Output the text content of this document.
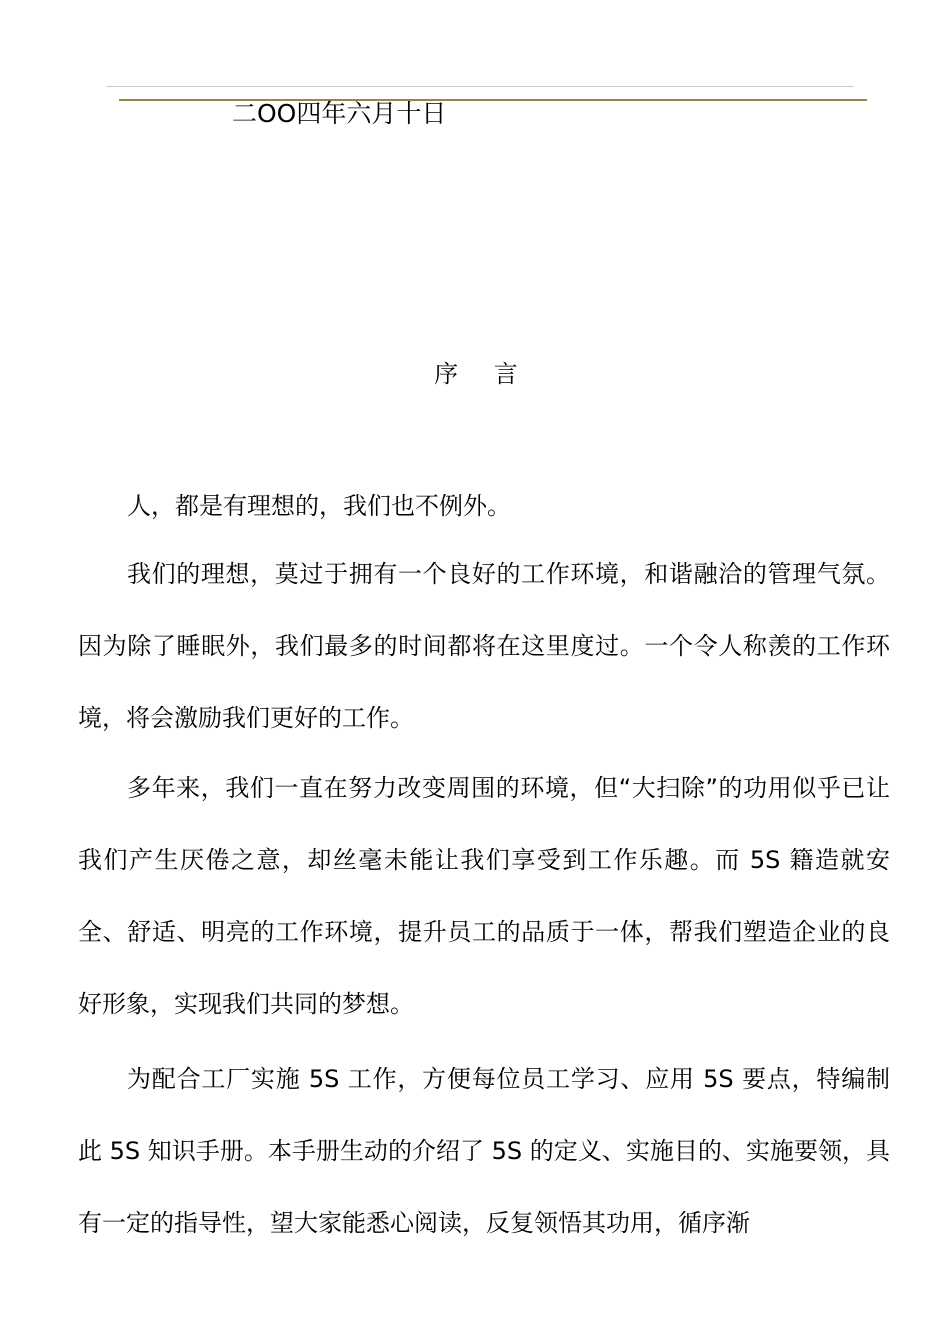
二OO四年六月十日
序 言

人，都是有理想的，我们也不例外。

我们的理想，莫过于拥有一个良好的工作环境，和谐融洽的管理气氛。因为除了睡眠外，我们最多的时间都将在这里度过。一个令人称羡的工作环境，将会激励我们更好的工作。

多年来，我们一直在努力改变周围的环境，但“大扫除”的功用似乎已让我们产生厌倦之意，却丝毫未能让我们享受到工作乐趣。而 5S 籍造就安全、舒适、明亮的工作环境，提升员工的品质于一体，帮我们塑造企业的良好形象，实现我们共同的梦想。

为配合工厂实施 5S 工作，方便每位员工学习、应用 5S 要点，特编制此 5S 知识手册。本手册生动的介绍了 5S 的定义、实施目的、实施要领，具有一定的指导性，望大家能悉心阅读，反复领悟其功用，循序渐
